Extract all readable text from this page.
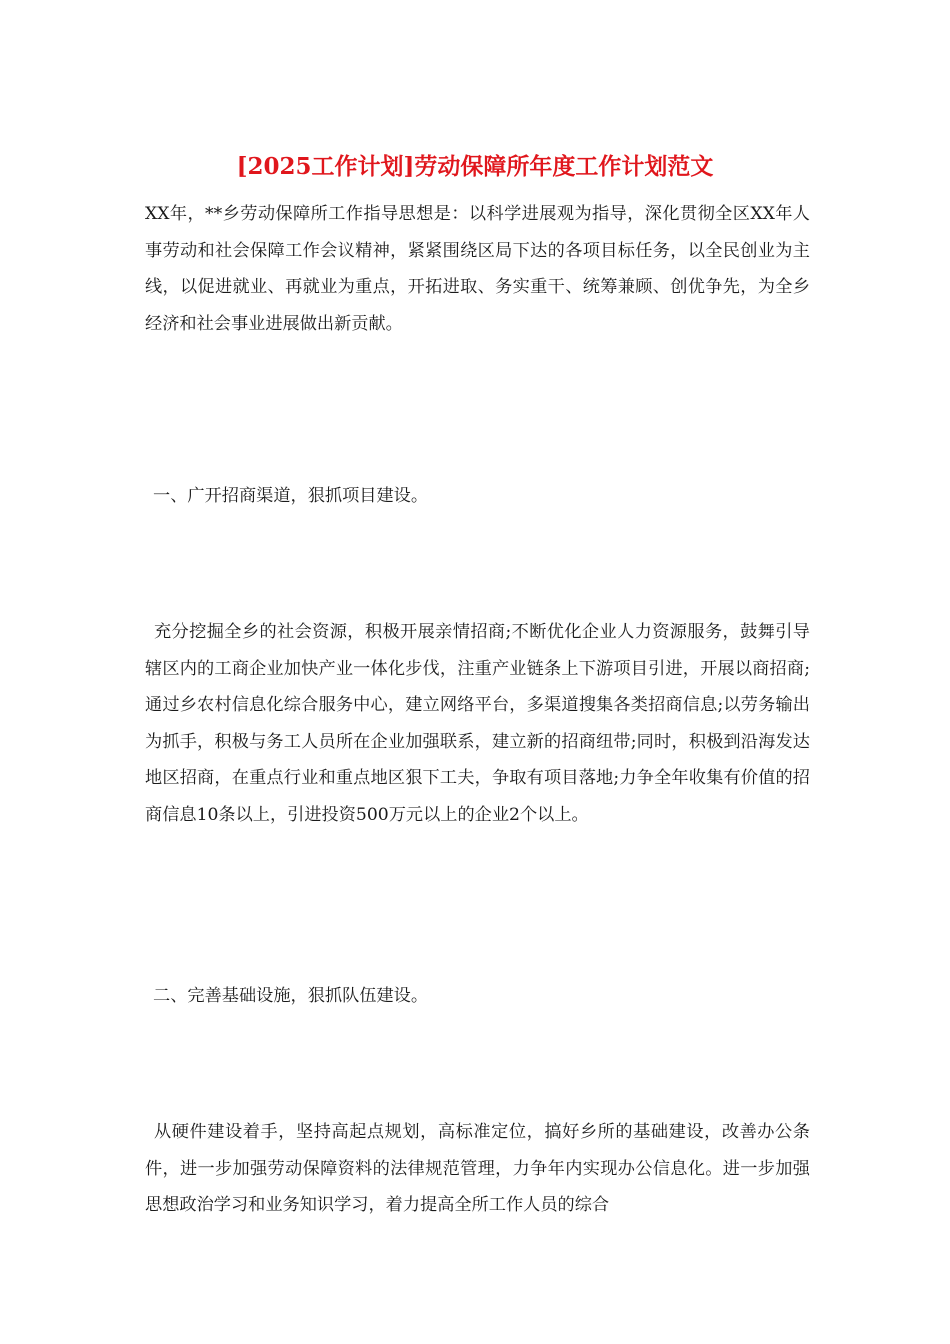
[2025工作计划]劳动保障所年度工作计划范文

XX年，**乡劳动保障所工作指导思想是：以科学进展观为指导，深化贯彻全区XX年人事劳动和社会保障工作会议精神，紧紧围绕区局下达的各项目标任务，以全民创业为主线，以促进就业、再就业为重点，开拓进取、务实重干、统筹兼顾、创优争先，为全乡经济和社会事业进展做出新贡献。

一、广开招商渠道，狠抓项目建设。

充分挖掘全乡的社会资源，积极开展亲情招商;不断优化企业人力资源服务，鼓舞引导辖区内的工商企业加快产业一体化步伐，注重产业链条上下游项目引进，开展以商招商;通过乡农村信息化综合服务中心，建立网络平台，多渠道搜集各类招商信息;以劳务输出为抓手，积极与务工人员所在企业加强联系，建立新的招商纽带;同时，积极到沿海发达地区招商，在重点行业和重点地区狠下工夫，争取有项目落地;力争全年收集有价值的招商信息10条以上，引进投资500万元以上的企业2个以上。

二、完善基础设施，狠抓队伍建设。

从硬件建设着手，坚持高起点规划，高标准定位，搞好乡所的基础建设，改善办公条件，进一步加强劳动保障资料的法律规范管理，力争年内实现办公信息化。进一步加强思想政治学习和业务知识学习，着力提高全所工作人员的综合
